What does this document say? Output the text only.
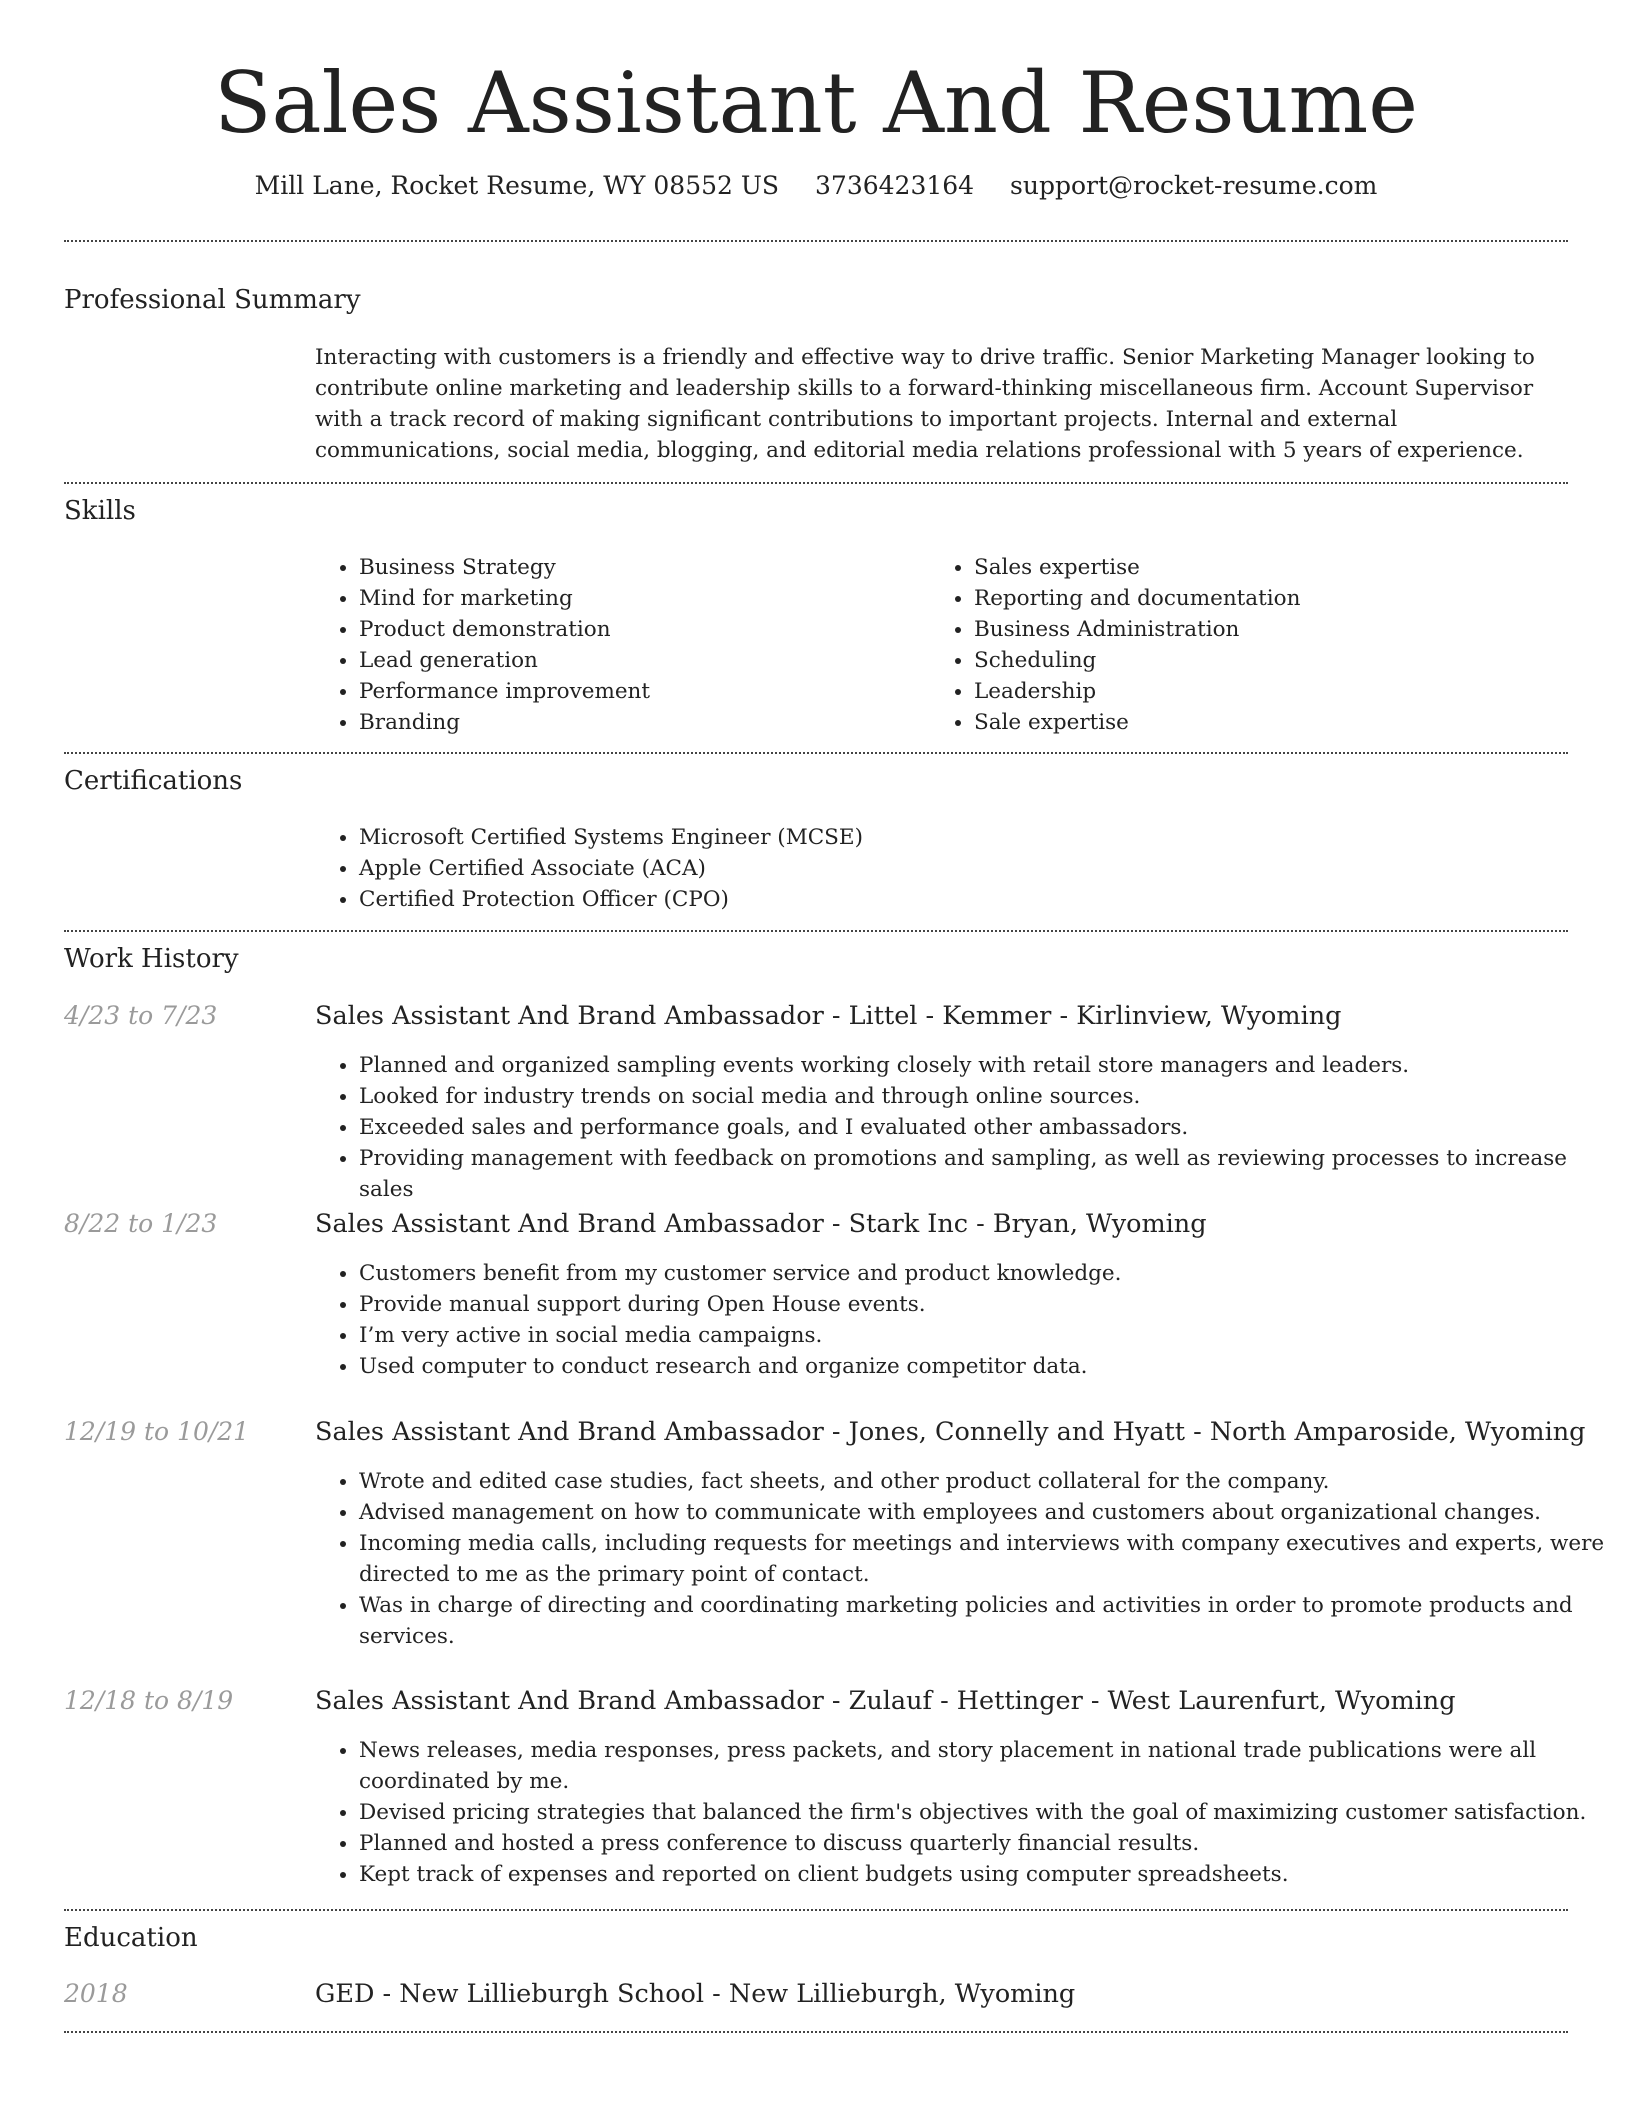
Sales Assistant And Resume
Mill Lane, Rocket Resume, WY 08552 US 3736423164 support@rocket-resume.com
Professional Summary

Interacting with customers is a friendly and effective way to drive traffic. Senior Marketing Manager looking to contribute online marketing and leadership skills to a forward-thinking miscellaneous firm. Account Supervisor with a track record of making significant contributions to important projects. Internal and external communications, social media, blogging, and editorial media relations professional with 5 years of experience.

Skills
• Business Strategy
• Mind for marketing
• Product demonstration
• Lead generation
• Performance improvement
• Branding
• Sales expertise
• Reporting and documentation
• Business Administration
• Scheduling
• Leadership
• Sale expertise
Certifications
• Microsoft Certified Systems Engineer (MCSE)
• Apple Certified Associate (ACA)
• Certified Protection Officer (CPO)
Work History
4/23 to 7/23	Sales Assistant And Brand Ambassador - Littel - Kemmer - Kirlinview, Wyoming
• Planned and organized sampling events working closely with retail store managers and leaders.
• Looked for industry trends on social media and through online sources.
• Exceeded sales and performance goals, and I evaluated other ambassadors.
• Providing management with feedback on promotions and sampling, as well as reviewing processes to increase sales
8/22 to 1/23	Sales Assistant And Brand Ambassador - Stark Inc - Bryan, Wyoming
• Customers benefit from my customer service and product knowledge.
• Provide manual support during Open House events.
• I’m very active in social media campaigns.
• Used computer to conduct research and organize competitor data.
12/19 to 10/21	Sales Assistant And Brand Ambassador - Jones, Connelly and Hyatt - North Amparoside, Wyoming
• Wrote and edited case studies, fact sheets, and other product collateral for the company.
• Advised management on how to communicate with employees and customers about organizational changes.
• Incoming media calls, including requests for meetings and interviews with company executives and experts, were directed to me as the primary point of contact.
• Was in charge of directing and coordinating marketing policies and activities in order to promote products and services.
12/18 to 8/19	Sales Assistant And Brand Ambassador - Zulauf - Hettinger - West Laurenfurt, Wyoming
• News releases, media responses, press packets, and story placement in national trade publications were all coordinated by me.
• Devised pricing strategies that balanced the firm's objectives with the goal of maximizing customer satisfaction.
• Planned and hosted a press conference to discuss quarterly financial results.
• Kept track of expenses and reported on client budgets using computer spreadsheets.
Education
2018	GED - New Lillieburgh School - New Lillieburgh, Wyoming
